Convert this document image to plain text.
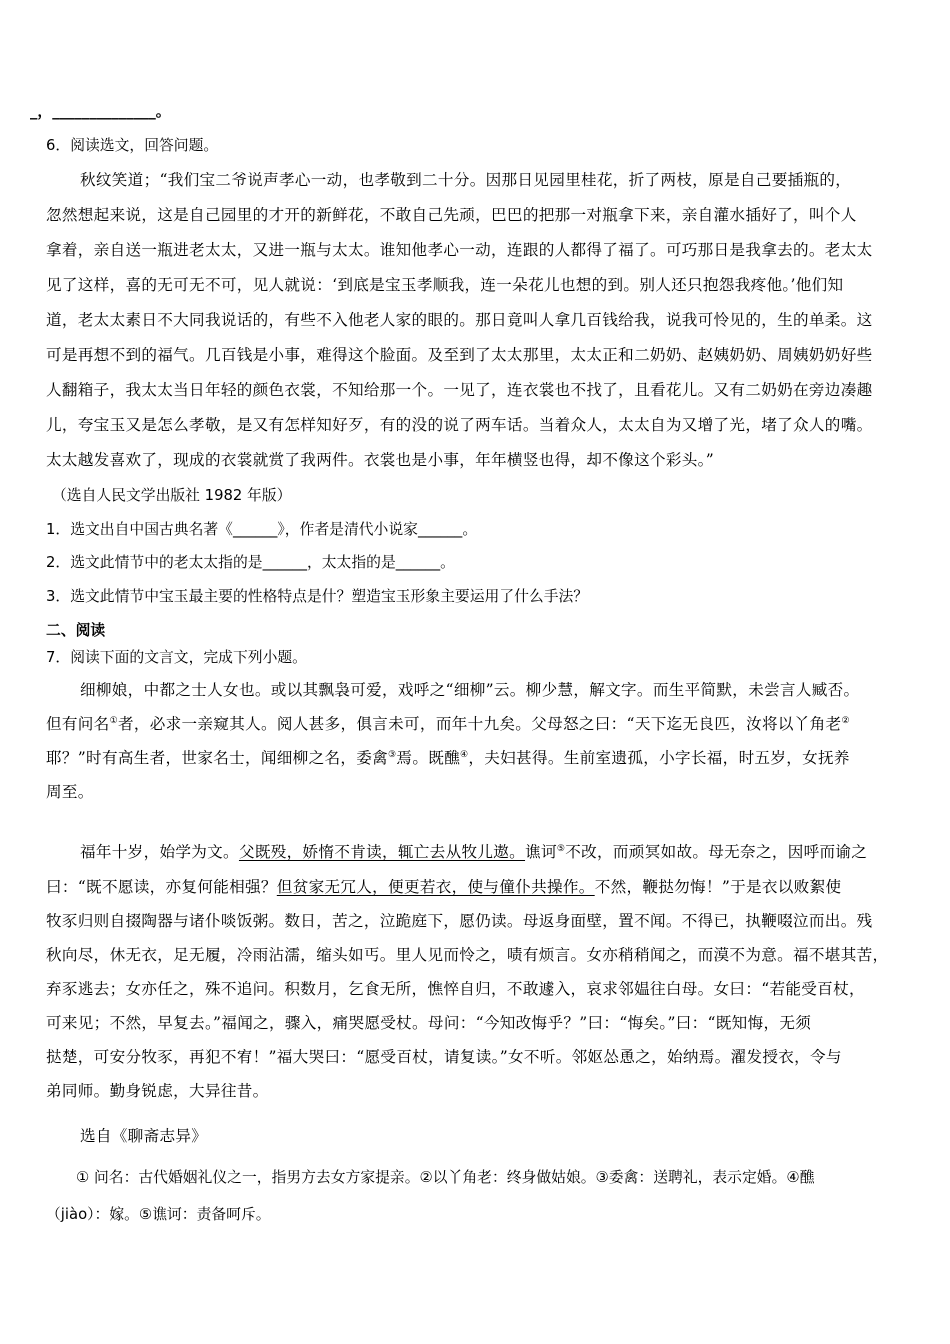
_，______________。
6．阅读选文，回答问题。
秋纹笑道；“我们宝二爷说声孝心一动，也孝敬到二十分。因那日见园里桂花，折了两枝，原是自己要插瓶的，
忽然想起来说，这是自己园里的才开的新鲜花，不敢自己先顽，巴巴的把那一对瓶拿下来，亲自灌水插好了，叫个人
拿着，亲自送一瓶进老太太，又进一瓶与太太。谁知他孝心一动，连跟的人都得了福了。可巧那日是我拿去的。老太太
见了这样，喜的无可无不可，见人就说：‘到底是宝玉孝顺我，连一朵花儿也想的到。别人还只抱怨我疼他。’他们知
道，老太太素日不大同我说话的，有些不入他老人家的眼的。那日竟叫人拿几百钱给我，说我可怜见的，生的单柔。这
可是再想不到的福气。几百钱是小事，难得这个脸面。及至到了太太那里，太太正和二奶奶、赵姨奶奶、周姨奶奶好些
人翻箱子，我太太当日年轻的颜色衣裳，不知给那一个。一见了，连衣裳也不找了，且看花儿。又有二奶奶在旁边凑趣
儿，夸宝玉又是怎么孝敬，是又有怎样知好歹，有的没的说了两车话。当着众人，太太自为又增了光，堵了众人的嘴。
太太越发喜欢了，现成的衣裳就赏了我两件。衣裳也是小事，年年横竖也得，却不像这个彩头。”
（选自人民文学出版社 1982 年版）
1．选文出自中国古典名著《______》，作者是清代小说家______。
2．选文此情节中的老太太指的是______，太太指的是______。
3．选文此情节中宝玉最主要的性格特点是什？塑造宝玉形象主要运用了什么手法？
二、阅读
7．阅读下面的文言文，完成下列小题。
细柳娘，中都之士人女也。或以其飘袅可爱，戏呼之“细柳”云。柳少慧，解文字。而生平简默，未尝言人臧否。
但有问名①者，必求一亲窥其人。阅人甚多，俱言未可，而年十九矣。父母怒之曰：“天下迄无良匹，汝将以丫角老②
耶？”时有高生者，世家名士，闻细柳之名，委禽③焉。既醮④，夫妇甚得。生前室遗孤，小字长福，时五岁，女抚养
周至。
福年十岁，始学为文。父既殁，娇惰不肯读，辄亡去从牧儿遨。谯诃⑤不改，而顽冥如故。母无奈之，因呼而谕之
曰：“既不愿读，亦复何能相强？但贫家无冗人，便更若衣，使与僮仆共操作。不然，鞭挞勿悔！”于是衣以败絮使
牧豕归则自掇陶器与诸仆啖饭粥。数日，苦之，泣跪庭下，愿仍读。母返身面壁，置不闻。不得已，执鞭啜泣而出。残
秋向尽，休无衣，足无履，冷雨沾濡，缩头如丐。里人见而怜之，啧有烦言。女亦稍稍闻之，而漠不为意。福不堪其苦，
弃豕逃去；女亦任之，殊不追问。积数月，乞食无所，憔悴自归，不敢遽入，哀求邻媪往白母。女曰：“若能受百杖，
可来见；不然，早复去。”福闻之，骤入，痛哭愿受杖。母问：“今知改悔乎？”曰：“悔矣。”曰：“既知悔，无须
挞楚，可安分牧豕，再犯不宥！”福大哭曰：“愿受百杖，请复读。”女不听。邻妪怂恿之，始纳焉。濯发授衣，令与
弟同师。勤身锐虑，大异往昔。
选自《聊斋志异》
① 问名：古代婚姻礼仪之一，指男方去女方家提亲。②以丫角老：终身做姑娘。③委禽：送聘礼，表示定婚。④醮
（jiào）：嫁。⑤谯诃：责备呵斥。
